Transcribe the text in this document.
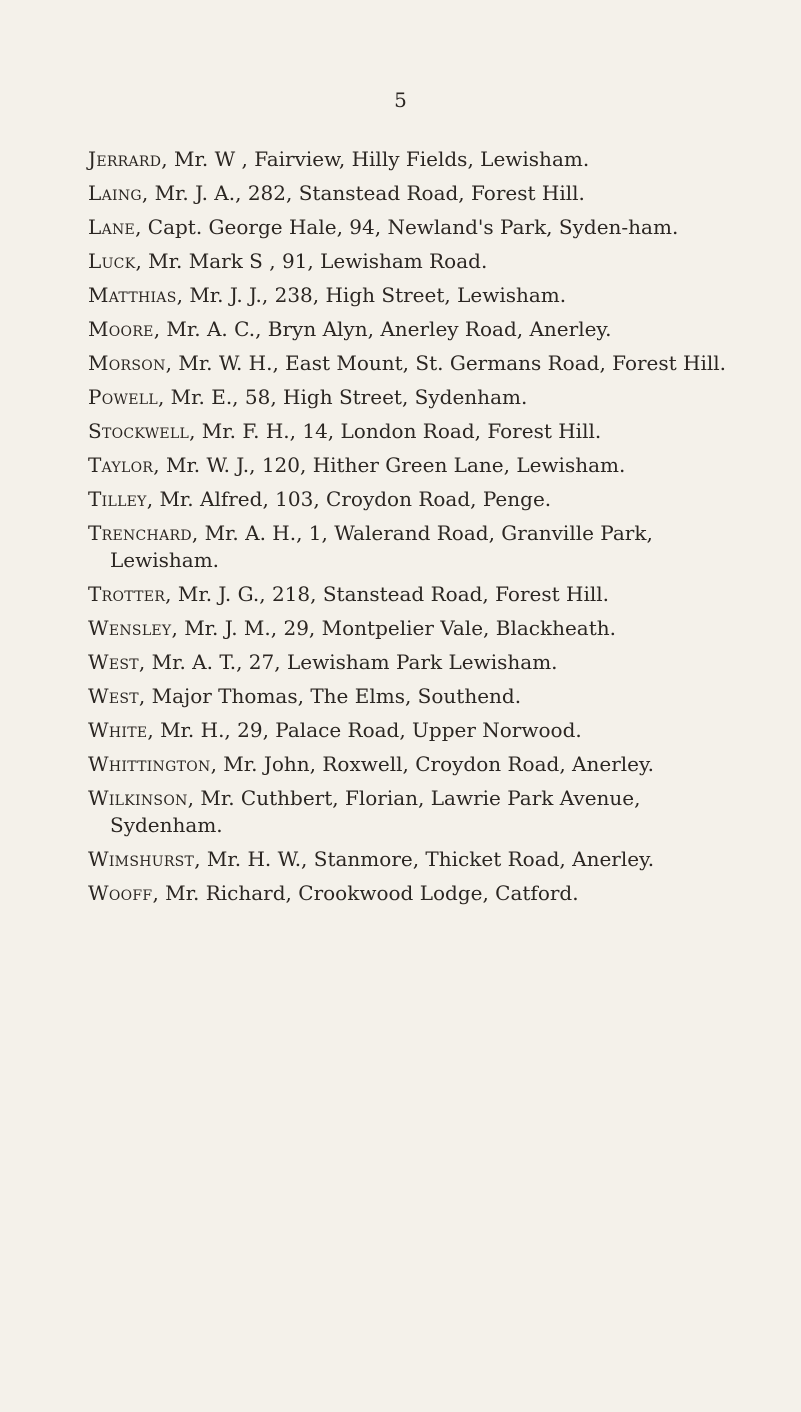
5
Jerrard, Mr. W , Fairview, Hilly Fields, Lewisham.
Laing, Mr. J. A., 282, Stanstead Road, Forest Hill.
Lane, Capt. George Hale, 94, Newland's Park, Syden-ham.
Luck, Mr. Mark S , 91, Lewisham Road.
Matthias, Mr. J. J., 238, High Street, Lewisham.
Moore, Mr. A. C., Bryn Alyn, Anerley Road, Anerley.
Morson, Mr. W. H., East Mount, St. Germans Road, Forest Hill.
Powell, Mr. E., 58, High Street, Sydenham.
Stockwell, Mr. F. H., 14, London Road, Forest Hill.
Taylor, Mr. W. J., 120, Hither Green Lane, Lewisham.
Tilley, Mr. Alfred, 103, Croydon Road, Penge.
Trenchard, Mr. A. H., 1, Walerand Road, Granville Park, Lewisham.
Trotter, Mr. J. G., 218, Stanstead Road, Forest Hill.
Wensley, Mr. J. M., 29, Montpelier Vale, Blackheath.
West, Mr. A. T., 27, Lewisham Park Lewisham.
West, Major Thomas, The Elms, Southend.
White, Mr. H., 29, Palace Road, Upper Norwood.
Whittington, Mr. John, Roxwell, Croydon Road, Anerley.
Wilkinson, Mr. Cuthbert, Florian, Lawrie Park Avenue, Sydenham.
Wimshurst, Mr. H. W., Stanmore, Thicket Road, Anerley.
Wooff, Mr. Richard, Crookwood Lodge, Catford.
